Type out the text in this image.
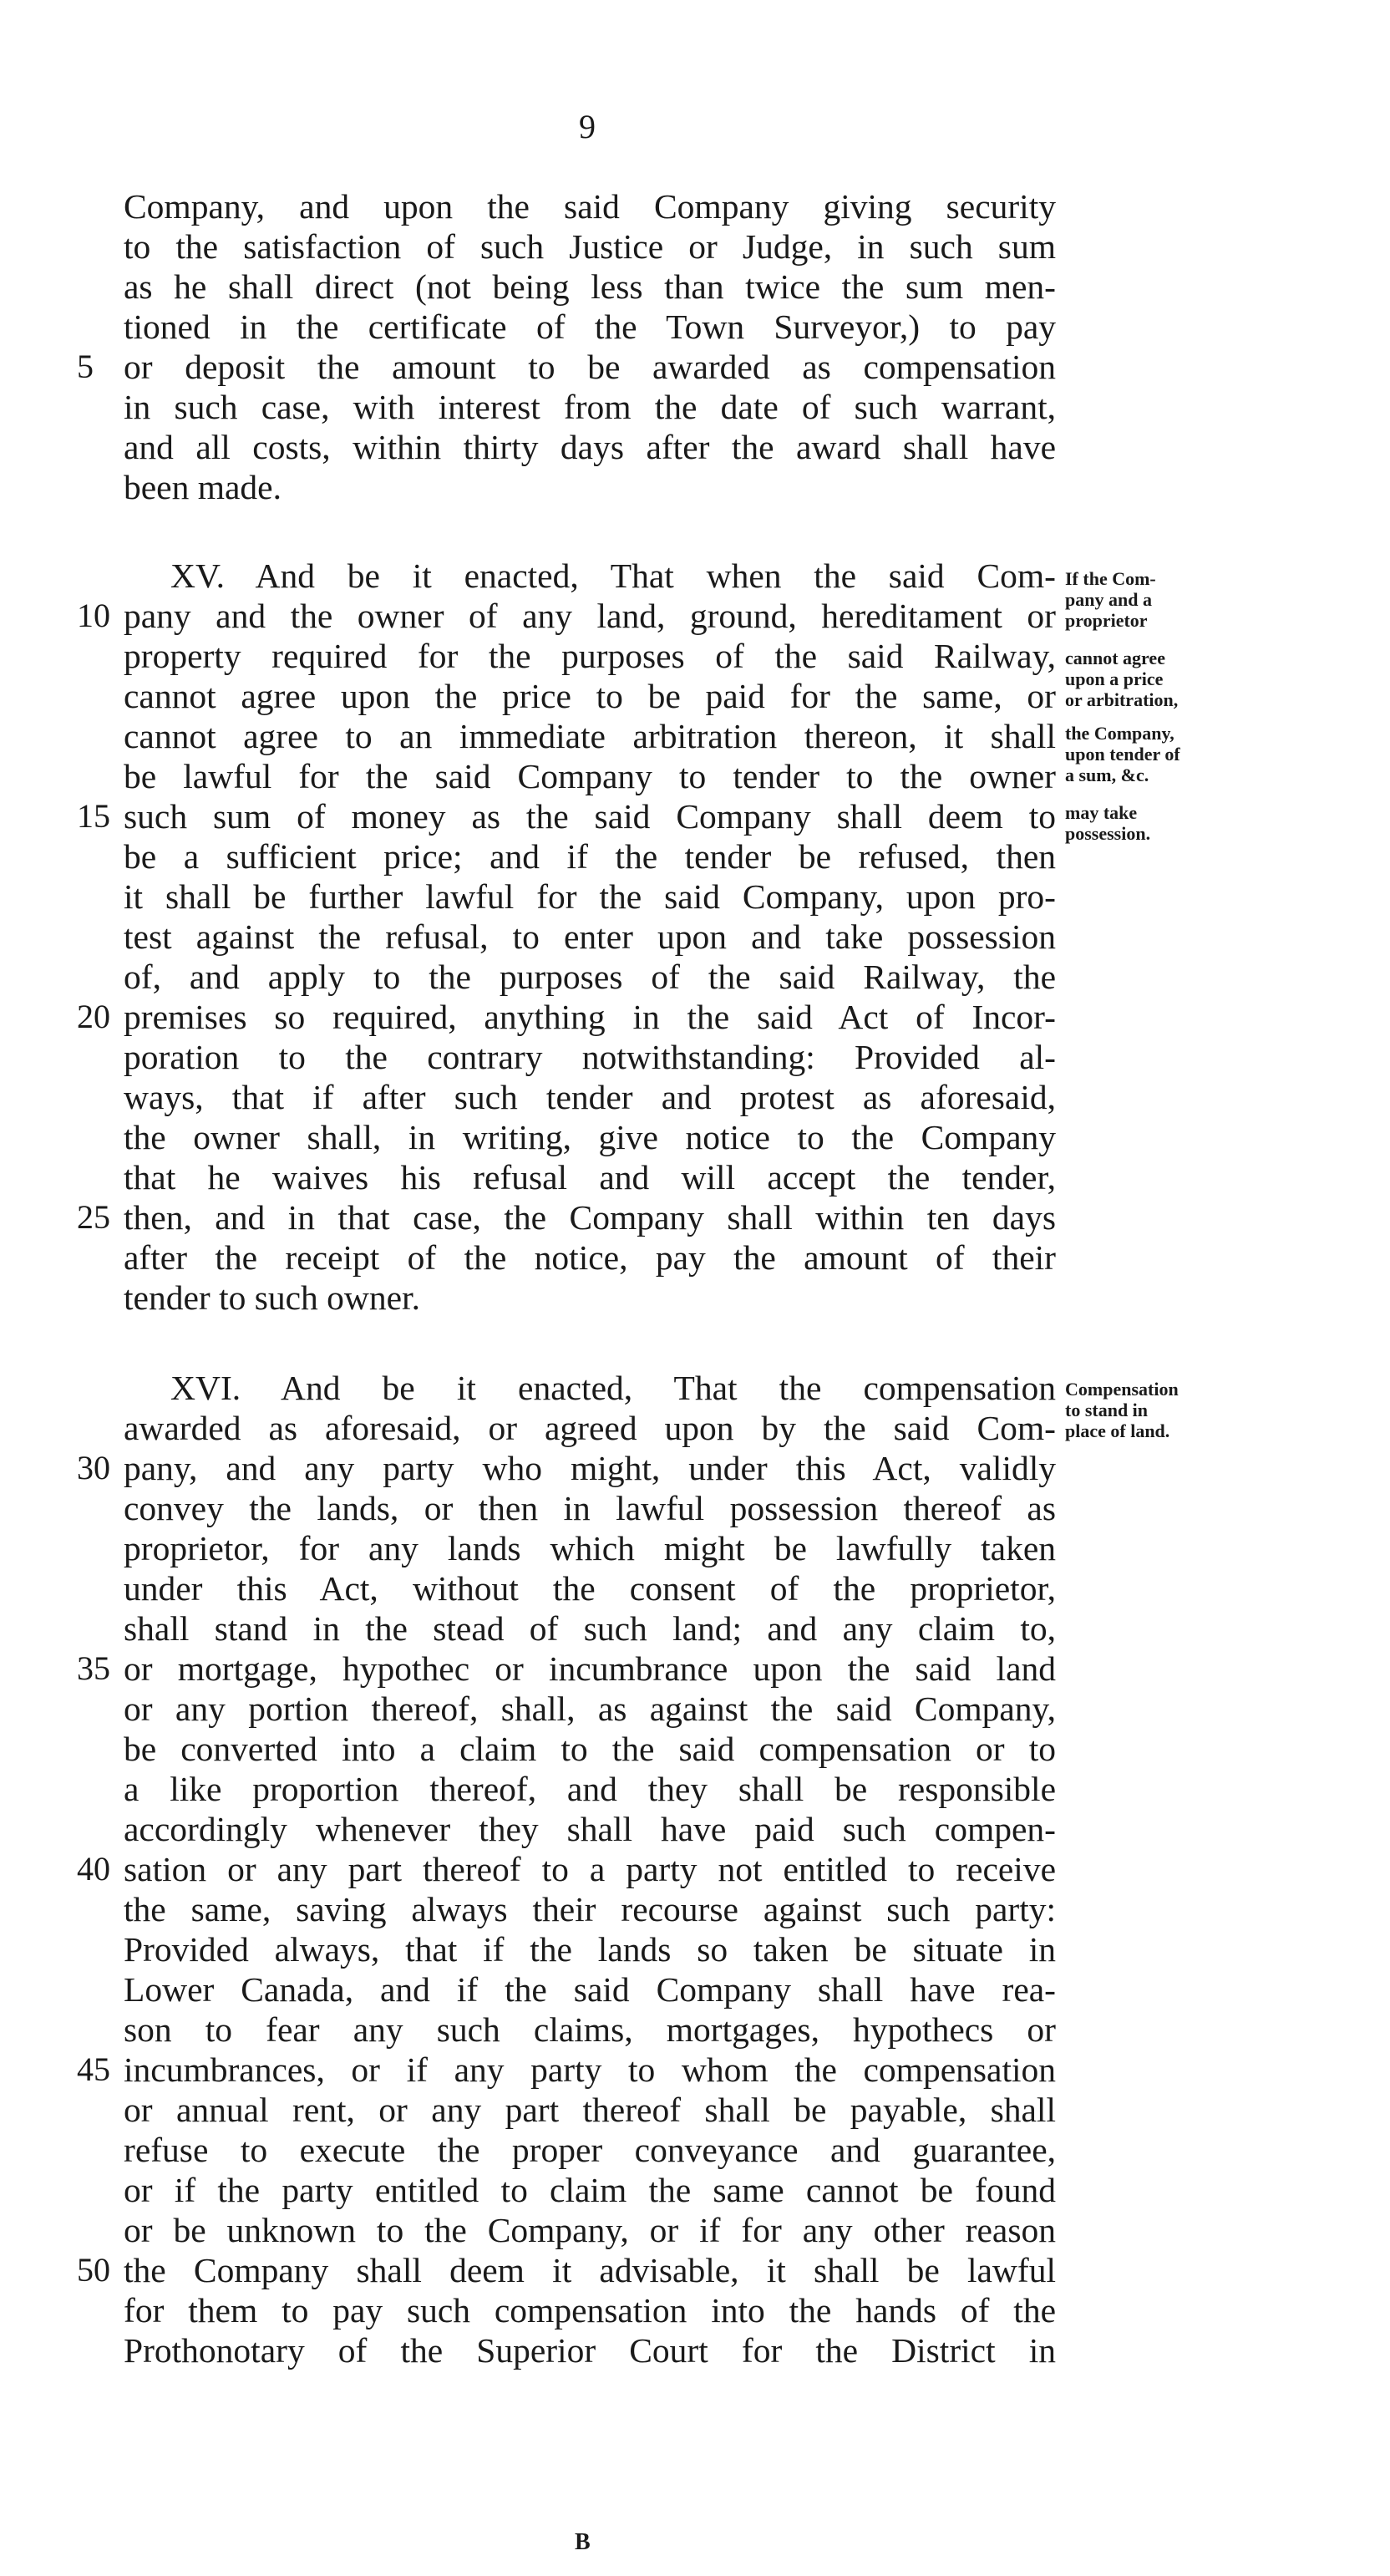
9
Company, and upon the said Company giving security
to the satisfaction of such Justice or Judge, in such sum
as he shall direct (not being less than twice the sum men-
tioned in the certificate of the Town Surveyor,) to pay
or deposit the amount to be awarded as compensation
in such case, with interest from the date of such warrant,
and all costs, within thirty days after the award shall have
been made.
XV. And be it enacted, That when the said Com-
pany and the owner of any land, ground, hereditament or
property required for the purposes of the said Railway,
cannot agree upon the price to be paid for the same, or
cannot agree to an immediate arbitration thereon, it shall
be lawful for the said Company to tender to the owner
such sum of money as the said Company shall deem to
be a sufficient price; and if the tender be refused, then
it shall be further lawful for the said Company, upon pro-
test against the refusal, to enter upon and take possession
of, and apply to the purposes of the said Railway, the
premises so required, anything in the said Act of Incor-
poration to the contrary notwithstanding: Provided al-
ways, that if after such tender and protest as aforesaid,
the owner shall, in writing, give notice to the Company
that he waives his refusal and will accept the tender,
then, and in that case, the Company shall within ten days
after the receipt of the notice, pay the amount of their
tender to such owner.
XVI. And be it enacted, That the compensation
awarded as aforesaid, or agreed upon by the said Com-
pany, and any party who might, under this Act, validly
convey the lands, or then in lawful possession thereof as
proprietor, for any lands which might be lawfully taken
under this Act, without the consent of the proprietor,
shall stand in the stead of such land; and any claim to,
or mortgage, hypothec or incumbrance upon the said land
or any portion thereof, shall, as against the said Company,
be converted into a claim to the said compensation or to
a like proportion thereof, and they shall be responsible
accordingly whenever they shall have paid such compen-
sation or any part thereof to a party not entitled to receive
the same, saving always their recourse against such party:
Provided always, that if the lands so taken be situate in
Lower Canada, and if the said Company shall have rea-
son to fear any such claims, mortgages, hypothecs or
incumbrances, or if any party to whom the compensation
or annual rent, or any part thereof shall be payable, shall
refuse to execute the proper conveyance and guarantee,
or if the party entitled to claim the same cannot be found
or be unknown to the Company, or if for any other reason
the Company shall deem it advisable, it shall be lawful
for them to pay such compensation into the hands of the
Prothonotary of the Superior Court for the District in
5
10
15
20
25
30
35
40
45
50
If the Com-
pany and a
proprietor
cannot agree
upon a price
or arbitration,
the Company,
upon tender of
a sum, &c.
may take
possession.
Compensation
to stand in
place of land.
B
